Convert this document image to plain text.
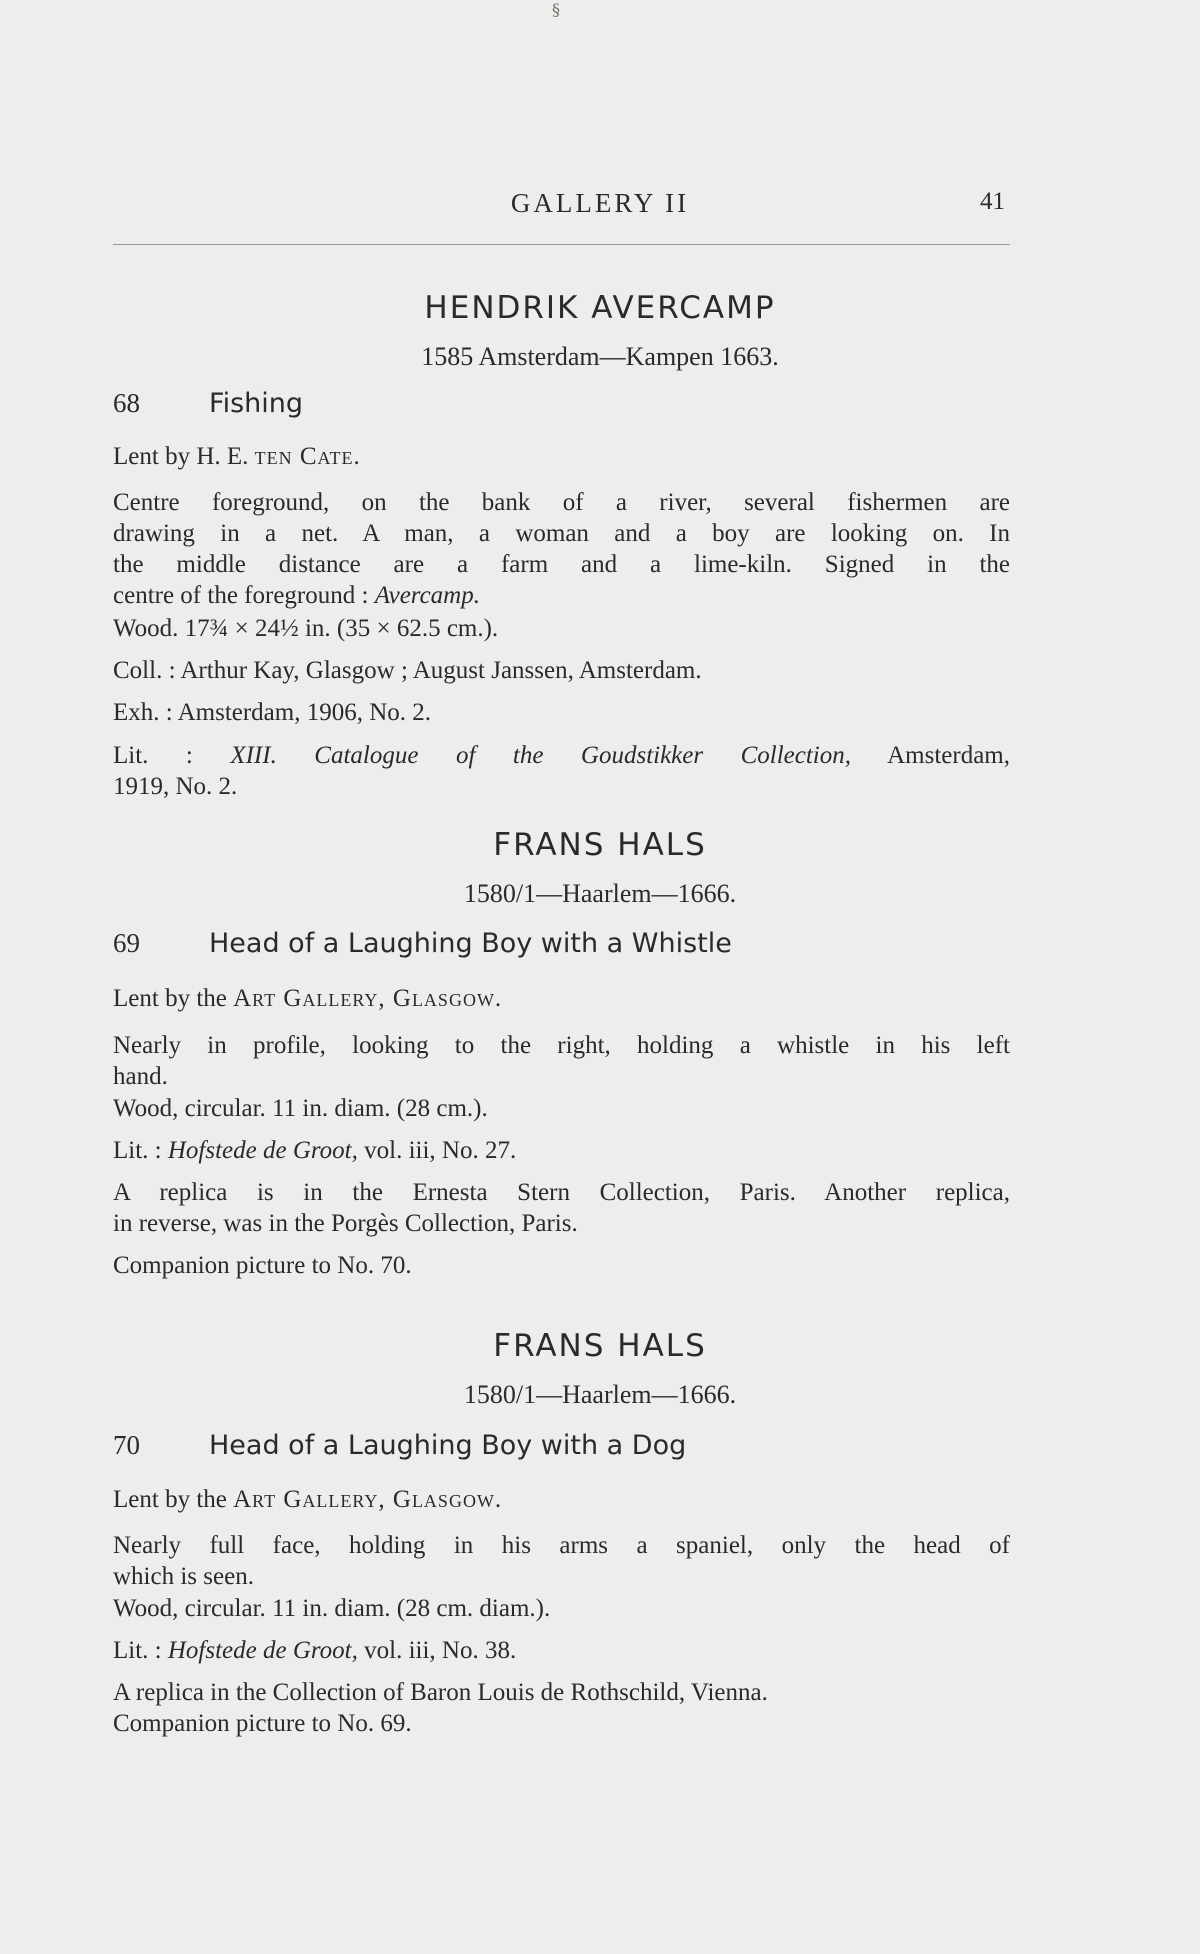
§
GALLERY II	41
HENDRIK AVERCAMP
1585 Amsterdam—Kampen 1663.
68	Fishing
Lent by H. E. ten Cate.
Centre foreground, on the bank of a river, several fishermen are
drawing in a net. A man, a woman and a boy are looking on. In
the middle distance are a farm and a lime-kiln. Signed in the
centre of the foreground : Avercamp.
Wood. 17¾ × 24½ in. (35 × 62.5 cm.).
Coll. : Arthur Kay, Glasgow ; August Janssen, Amsterdam.
Exh. : Amsterdam, 1906, No. 2.
Lit. : XIII. Catalogue of the Goudstikker Collection, Amsterdam,
1919, No. 2.
FRANS HALS
1580/1—Haarlem—1666.
69	Head of a Laughing Boy with a Whistle
Lent by the Art Gallery, Glasgow.
Nearly in profile, looking to the right, holding a whistle in his left
hand.
Wood, circular. 11 in. diam. (28 cm.).
Lit. : Hofstede de Groot, vol. iii, No. 27.
A replica is in the Ernesta Stern Collection, Paris. Another replica,
in reverse, was in the Porgès Collection, Paris.
Companion picture to No. 70.
FRANS HALS
1580/1—Haarlem—1666.
70	Head of a Laughing Boy with a Dog
Lent by the Art Gallery, Glasgow.
Nearly full face, holding in his arms a spaniel, only the head of
which is seen.
Wood, circular. 11 in. diam. (28 cm. diam.).
Lit. : Hofstede de Groot, vol. iii, No. 38.
A replica in the Collection of Baron Louis de Rothschild, Vienna.
Companion picture to No. 69.
